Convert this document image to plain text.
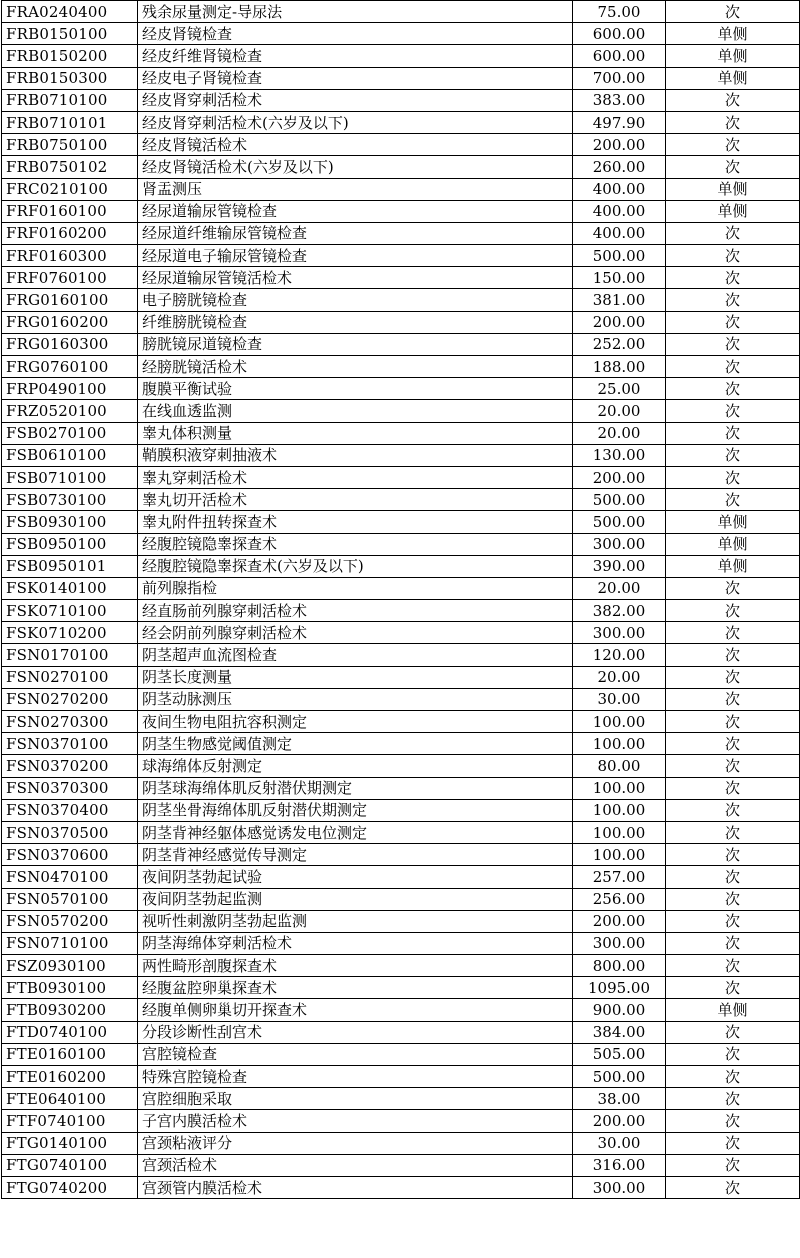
FRA0240400	残余尿量测定-导尿法	75.00	次
FRB0150100	经皮肾镜检查	600.00	单侧
FRB0150200	经皮纤维肾镜检查	600.00	单侧
FRB0150300	经皮电子肾镜检查	700.00	单侧
FRB0710100	经皮肾穿刺活检术	383.00	次
FRB0710101	经皮肾穿刺活检术(六岁及以下)	497.90	次
FRB0750100	经皮肾镜活检术	200.00	次
FRB0750102	经皮肾镜活检术(六岁及以下)	260.00	次
FRC0210100	肾盂测压	400.00	单侧
FRF0160100	经尿道输尿管镜检查	400.00	单侧
FRF0160200	经尿道纤维输尿管镜检查	400.00	次
FRF0160300	经尿道电子输尿管镜检查	500.00	次
FRF0760100	经尿道输尿管镜活检术	150.00	次
FRG0160100	电子膀胱镜检查	381.00	次
FRG0160200	纤维膀胱镜检查	200.00	次
FRG0160300	膀胱镜尿道镜检查	252.00	次
FRG0760100	经膀胱镜活检术	188.00	次
FRP0490100	腹膜平衡试验	25.00	次
FRZ0520100	在线血透监测	20.00	次
FSB0270100	睾丸体积测量	20.00	次
FSB0610100	鞘膜积液穿刺抽液术	130.00	次
FSB0710100	睾丸穿刺活检术	200.00	次
FSB0730100	睾丸切开活检术	500.00	次
FSB0930100	睾丸附件扭转探查术	500.00	单侧
FSB0950100	经腹腔镜隐睾探查术	300.00	单侧
FSB0950101	经腹腔镜隐睾探查术(六岁及以下)	390.00	单侧
FSK0140100	前列腺指检	20.00	次
FSK0710100	经直肠前列腺穿刺活检术	382.00	次
FSK0710200	经会阴前列腺穿刺活检术	300.00	次
FSN0170100	阴茎超声血流图检查	120.00	次
FSN0270100	阴茎长度测量	20.00	次
FSN0270200	阴茎动脉测压	30.00	次
FSN0270300	夜间生物电阻抗容积测定	100.00	次
FSN0370100	阴茎生物感觉阈值测定	100.00	次
FSN0370200	球海绵体反射测定	80.00	次
FSN0370300	阴茎球海绵体肌反射潜伏期测定	100.00	次
FSN0370400	阴茎坐骨海绵体肌反射潜伏期测定	100.00	次
FSN0370500	阴茎背神经躯体感觉诱发电位测定	100.00	次
FSN0370600	阴茎背神经感觉传导测定	100.00	次
FSN0470100	夜间阴茎勃起试验	257.00	次
FSN0570100	夜间阴茎勃起监测	256.00	次
FSN0570200	视听性刺激阴茎勃起监测	200.00	次
FSN0710100	阴茎海绵体穿刺活检术	300.00	次
FSZ0930100	两性畸形剖腹探查术	800.00	次
FTB0930100	经腹盆腔卵巢探查术	1095.00	次
FTB0930200	经腹单侧卵巢切开探查术	900.00	单侧
FTD0740100	分段诊断性刮宫术	384.00	次
FTE0160100	宫腔镜检查	505.00	次
FTE0160200	特殊宫腔镜检查	500.00	次
FTE0640100	宫腔细胞采取	38.00	次
FTF0740100	子宫内膜活检术	200.00	次
FTG0140100	宫颈粘液评分	30.00	次
FTG0740100	宫颈活检术	316.00	次
FTG0740200	宫颈管内膜活检术	300.00	次
